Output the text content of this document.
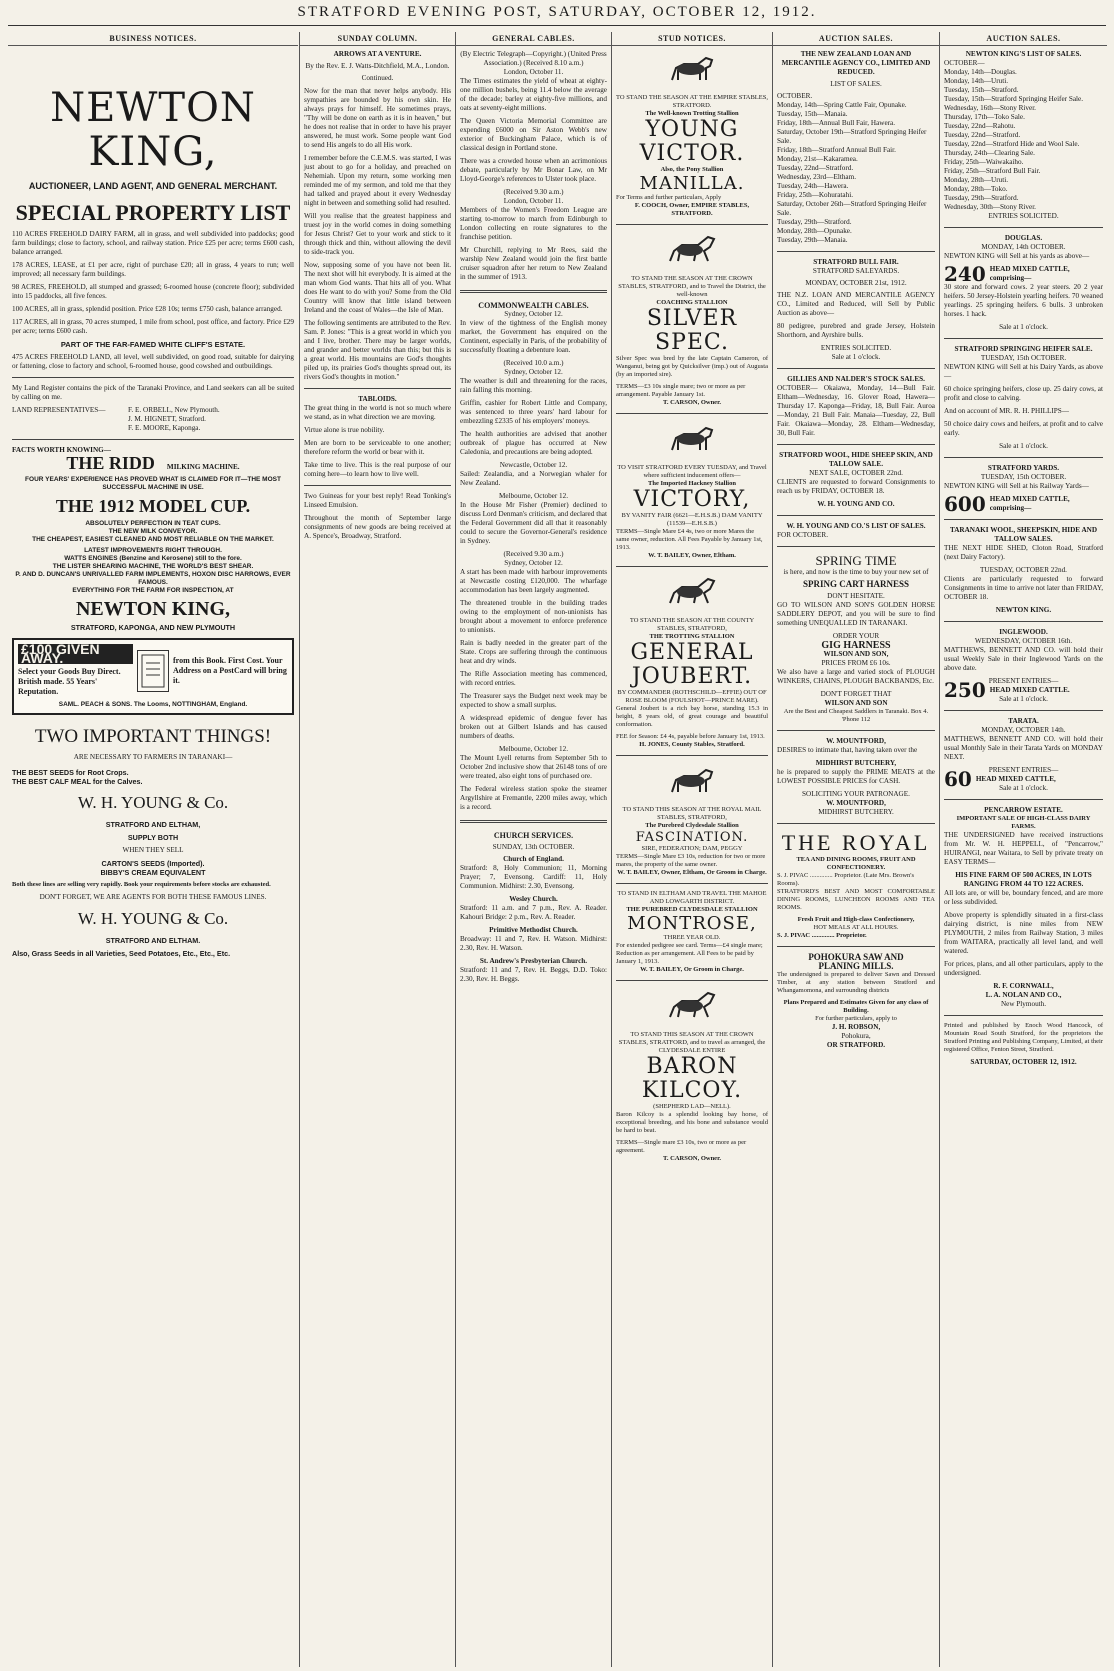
STRATFORD EVENING POST, SATURDAY, OCTOBER 12, 1912.
BUSINESS NOTICES.
NEWTON KING,
AUCTIONEER, LAND AGENT, AND GENERAL MERCHANT.
SPECIAL PROPERTY LIST

110 ACRES FREEHOLD DAIRY FARM, all in grass, and well subdivided into paddocks; good farm buildings; close to factory, school, and railway station. Price £25 per acre; terms £600 cash, balance arranged.

178 ACRES, LEASE, at £1 per acre, right of purchase £20; all in grass, 4 years to run; well improved; all necessary farm buildings.

98 ACRES, FREEHOLD, all stumped and grassed; 6-roomed house (concrete floor); subdivided into 15 paddocks, all five fences.

100 ACRES, all in grass, splendid position. Price £28 10s; terms £750 cash, balance arranged.

117 ACRES, all in grass, 70 acres stumped, 1 mile from school, post office, and factory. Price £29 per acre; terms £600 cash.

PART OF THE FAR-FAMED WHITE CLIFF'S ESTATE.

475 ACRES FREEHOLD LAND, all level, well subdivided, on good road, suitable for dairying or fattening, close to factory and school, 6-roomed house, good cowshed and outbuildings.

My Land Register contains the pick of the Taranaki Province, and Land seekers can all be suited by calling on me.

LAND REPRESENTATIVES—	F. E. ORBELL, New Plymouth.
J. M. HIGNETT, Stratford.
F. E. MOORE, Kaponga.
FACTS WORTH KNOWING—
THE RIDD MILKING MACHINE.
FOUR YEARS' EXPERIENCE HAS PROVED WHAT IS CLAIMED FOR IT—THE MOST SUCCESSFUL MACHINE IN USE.
THE 1912 MODEL CUP.
ABSOLUTELY PERFECTION IN TEAT CUPS.
THE NEW MILK CONVEYOR.
THE CHEAPEST, EASIEST CLEANED AND MOST RELIABLE ON THE MARKET.
LATEST IMPROVEMENTS RIGHT THROUGH.
WATTS ENGINES (Benzine and Kerosene) still to the fore.
THE LISTER SHEARING MACHINE, THE WORLD'S BEST SHEAR.
P. AND D. DUNCAN'S UNRIVALLED FARM IMPLEMENTS, HOXON DISC HARROWS, EVER FAMOUS.
EVERYTHING FOR THE FARM FOR INSPECTION, AT
NEWTON KING,
STRATFORD, KAPONGA, AND NEW PLYMOUTH
£100 GIVEN AWAY.
Select your Goods Buy Direct. British made. 55 Years' Reputation.
from this Book. First Cost. Your Address on a PostCard will bring it.
SAML. PEACH & SONS. The Looms, NOTTINGHAM, England.
TWO IMPORTANT THINGS!
ARE NECESSARY TO FARMERS IN TARANAKI—
THE BEST SEEDS for Root Crops.
THE BEST CALF MEAL for the Calves.
W. H. YOUNG & Co.
STRATFORD AND ELTHAM,
SUPPLY BOTH
WHEN THEY SELL
CARTON'S SEEDS (Imported).
BIBBY'S CREAM EQUIVALENT

Both these lines are selling very rapidly. Book your requirements before stocks are exhausted.

DON'T FORGET, WE ARE AGENTS FOR BOTH THESE FAMOUS LINES.
W. H. YOUNG & Co.
STRATFORD AND ELTHAM.
Also, Grass Seeds in all Varieties, Seed Potatoes, Etc., Etc., Etc.
SUNDAY COLUMN.
ARROWS AT A VENTURE.
By the Rev. E. J. Watts-Ditchfield, M.A., London.
Continued.

Now for the man that never helps anybody. His sympathies are bounded by his own skin. He always prays for himself. He sometimes prays, "Thy will be done on earth as it is in heaven," but he does not realise that in order to have his prayer answered, he must work. Some people want God to send His angels to do all His work.

I remember before the C.E.M.S. was started, I was just about to go for a holiday, and preached on Nehemiah. Upon my return, some working men reminded me of my sermon, and told me that they had talked and prayed about it every Wednesday night in between and something solid had resulted.

Will you realise that the greatest happiness and truest joy in the world comes in doing something for Jesus Christ? Get to your work and stick to it through thick and thin, without allowing the devil to side-track you.

Now, supposing some of you have not been lit. The next shot will hit everybody. It is aimed at the man whom God wants. That hits all of you. What does He want to do with you? Some from the Old Country will know that little island between Ireland and the coast of Wales—the Isle of Man.

The following sentiments are attributed to the Rev. Sam. P. Jones: "This is a great world in which you and I live, brother. There may be larger worlds, and grander and better worlds than this; but this is a great world. His mountains are God's thoughts piled up, its prairies God's thoughts spread out, its rivers God's thoughts in motion."

TABLOIDS.

The great thing in the world is not so much where we stand, as in what direction we are moving.

Virtue alone is true nobility.

Men are born to be serviceable to one another; therefore reform the world or bear with it.

Take time to live. This is the real purpose of our coming here—to learn how to live well.

Two Guineas for your best reply! Read Tonking's Linseed Emulsion.

Throughout the month of September large consignments of new goods are being received at A. Spence's, Broadway, Stratford.

GENERAL CABLES.
(By Electric Telegraph—Copyright.) (United Press Association.) (Received 8.10 a.m.)
London, October 11.

The Times estimates the yield of wheat at eighty-one million bushels, being 11.4 below the average of the decade; barley at eighty-five millions, and oats at seventy-eight millions.

The Queen Victoria Memorial Committee are expending £6000 on Sir Aston Webb's new exterior of Buckingham Palace, which is of classical design in Portland stone.

There was a crowded house when an acrimonious debate, particularly by Mr Bonar Law, on Mr Lloyd-George's references to Ulster took place.

(Received 9.30 a.m.)
London, October 11.

Members of the Women's Freedom League are starting to-morrow to march from Edinburgh to London collecting en route signatures to the franchise petition.

Mr Churchill, replying to Mr Rees, said the warship New Zealand would join the first battle cruiser squadron after her return to New Zealand in the summer of 1913.

COMMONWEALTH CABLES.
Sydney, October 12.

In view of the tightness of the English money market, the Government has enquired on the Continent, especially in Paris, of the probability of successfully floating a debenture loan.

(Received 10.0 a.m.)
Sydney, October 12.

The weather is dull and threatening for the races, rain falling this morning.

Griffin, cashier for Robert Little and Company, was sentenced to three years' hard labour for embezzling £2335 of his employers' moneys.

The health authorities are advised that another outbreak of plague has occurred at New Caledonia, and precautions are being adopted.

Newcastle, October 12.

Sailed: Zealandia, and a Norwegian whaler for New Zealand.

Melbourne, October 12.

In the House Mr Fisher (Premier) declined to discuss Lord Denman's criticism, and declared that the Federal Government did all that it reasonably could to secure the Governor-General's residence in Sydney.

(Received 9.30 a.m.)
Sydney, October 12.

A start has been made with harbour improvements at Newcastle costing £120,000. The wharfage accommodation has been largely augmented.

The threatened trouble in the building trades owing to the employment of non-unionists has brought about a movement to enforce preference to unionists.

Rain is badly needed in the greater part of the State. Crops are suffering through the continuous heat and dry winds.

The Rifle Association meeting has commenced, with record entries.

The Treasurer says the Budget next week may be expected to show a small surplus.

A widespread epidemic of dengue fever has broken out at Gilbert Islands and has caused numbers of deaths.

Melbourne, October 12.

The Mount Lyell returns from September 5th to October 2nd inclusive show that 26148 tons of ore were treated, also eight tons of purchased ore.

The Federal wireless station spoke the steamer Argyllshire at Fremantle, 2200 miles away, which is a record.

CHURCH SERVICES.
SUNDAY, 13th OCTOBER.
Church of England.

Stratford: 8, Holy Communion; 11, Morning Prayer; 7, Evensong. Cardiff: 11, Holy Communion. Midhirst: 2.30, Evensong.

Wesley Church.

Stratford: 11 a.m. and 7 p.m., Rev. A. Reader. Kahouri Bridge: 2 p.m., Rev. A. Reader.

Primitive Methodist Church.

Broadway: 11 and 7, Rev. H. Watson. Midhirst: 2.30, Rev. H. Watson.

St. Andrew's Presbyterian Church.

Stratford: 11 and 7, Rev. H. Beggs, D.D. Toko: 2.30, Rev. H. Beggs.

STUD NOTICES.
TO STAND THE SEASON AT THE EMPIRE STABLES, STRATFORD.
The Well-known Trotting Stallion
YOUNG
VICTOR.
Also, the Pony Stallion
MANILLA.
For Terms and further particulars, Apply
F. COOCH, Owner, EMPIRE STABLES, STRATFORD.
TO STAND THE SEASON AT THE CROWN STABLES, STRATFORD, and to Travel the District, the well-known
COACHING STALLION
SILVER
SPEC.

Silver Spec was bred by the late Captain Cameron, of Wanganui, being got by Quicksilver (imp.) out of Augusta (by an imported sire).

TERMS—£3 10s single mare; two or more as per arrangement. Payable January 1st.
T. CARSON, Owner.
TO VISIT STRATFORD EVERY TUESDAY, and Travel where sufficient inducement offers—
The Imported Hackney Stallion
VICTORY,
BY VANITY FAIR (6621—E.H.S.B.) DAM VANITY (11539—E.H.S.B.)
TERMS—Single Mare £4 4s, two or more Mares the same owner, reduction. All Fees Payable by January 1st, 1913.
W. T. BAILEY, Owner, Eltham.
TO STAND THE SEASON AT THE COUNTY STABLES, STRATFORD,
THE TROTTING STALLION
GENERAL
JOUBERT.
BY COMMANDER (ROTHSCHILD—EFFIE) OUT OF ROSE BLOOM (FOULSHOT—PRINCE MARE).

General Joubert is a rich bay horse, standing 15.3 in height, 8 years old, of great courage and beautiful conformation.

FEE for Season: £4 4s, payable before January 1st, 1913.
H. JONES, County Stables, Stratford.
TO STAND THIS SEASON AT THE ROYAL MAIL STABLES, STRATFORD,
The Purebred Clydesdale Stallion
FASCINATION.
SIRE, FEDERATION; DAM, PEGGY
TERMS—Single Mare £3 10s, reduction for two or more mares, the property of the same owner.
W. T. BAILEY, Owner, Eltham, Or Groom in Charge.
TO STAND IN ELTHAM AND TRAVEL THE MAHOE AND LOWGARTH DISTRICT.
THE PUREBRED CLYDESDALE STALLION
MONTROSE,
THREE YEAR OLD.
For extended pedigree see card. Terms—£4 single mare; Reduction as per arrangement. All Fees to be paid by January 1, 1913.
W. T. BAILEY, Or Groom in Charge.
TO STAND THIS SEASON AT THE CROWN STABLES, STRATFORD, and to travel as arranged, the CLYDESDALE ENTIRE
BARON
KILCOY.
(SHEPHERD LAD—NELL).

Baron Kilcoy is a splendid looking bay horse, of exceptional breeding, and his bone and substance would be hard to beat.

TERMS—Single mare £3 10s, two or more as per agreement.
T. CARSON, Owner.
AUCTION SALES.
THE NEW ZEALAND LOAN AND MERCANTILE AGENCY CO., LIMITED AND REDUCED.
LIST OF SALES.
OCTOBER.
Monday, 14th—Spring Cattle Fair, Opunake.
Tuesday, 15th—Manaia.
Friday, 18th—Annual Bull Fair, Hawera.
Saturday, October 19th—Stratford Springing Heifer Sale.
Friday, 18th—Stratford Annual Bull Fair.
Monday, 21st—Kakaramea.
Tuesday, 22nd—Stratford.
Wednesday, 23rd—Eltham.
Tuesday, 24th—Hawera.
Friday, 25th—Kohuratahi.
Saturday, October 26th—Stratford Springing Heifer Sale.
Tuesday, 29th—Stratford.
Monday, 28th—Opunake.
Tuesday, 29th—Manaia.
STRATFORD BULL FAIR.
STRATFORD SALEYARDS.
MONDAY, OCTOBER 21st, 1912.

THE N.Z. LOAN AND MERCANTILE AGENCY CO., Limited and Reduced, will Sell by Public Auction as above—

80 pedigree, purebred and grade Jersey, Holstein Shorthorn, and Ayrshire bulls.

ENTRIES SOLICITED.
Sale at 1 o'clock.
GILLIES AND NALDER'S STOCK SALES.

OCTOBER— Okaiawa, Monday, 14—Bull Fair. Eltham—Wednesday, 16. Glover Road, Hawera—Thursday 17. Kaponga—Friday, 18, Bull Fair. Auroa—Monday, 21 Bull Fair. Manaia—Tuesday, 22, Bull Fair. Okaiawa—Monday, 28. Eltham—Wednesday, 30, Bull Fair.

STRATFORD WOOL, HIDE SHEEP SKIN, AND TALLOW SALE.
NEXT SALE, OCTOBER 22nd.

CLIENTS are requested to forward Consignments to reach us by FRIDAY, OCTOBER 18.

W. H. YOUNG AND CO.
W. H. YOUNG AND CO.'S LIST OF SALES.
FOR OCTOBER.
SPRING TIME
is here, and now is the time to buy your new set of
SPRING CART HARNESS
DON'T HESITATE.

GO TO WILSON AND SON'S GOLDEN HORSE SADDLERY DEPOT, and you will be sure to find something UNEQUALLED IN TARANAKI.

ORDER YOUR
GIG HARNESS
WILSON AND SON,
PRICES FROM £6 10s.

We also have a large and varied stock of PLOUGH WINKERS, CHAINS, PLOUGH BACKBANDS, Etc.

DON'T FORGET THAT
WILSON AND SON
Are the Best and Cheapest Saddlers in Taranaki. Box 4. 'Phone 112
W. MOUNTFORD,

DESIRES to intimate that, having taken over the

MIDHIRST BUTCHERY,

he is prepared to supply the PRIME MEATS at the LOWEST POSSIBLE PRICES for CASH.

SOLICITING YOUR PATRONAGE.
W. MOUNTFORD,
MIDHIRST BUTCHERY.
THE ROYAL
TEA AND DINING ROOMS, FRUIT AND CONFECTIONERY.
S. J. PIVAC .............. Proprietor. (Late Mrs. Brown's Rooms).

STRATFORD'S BEST AND MOST COMFORTABLE DINING ROOMS, LUNCHEON ROOMS AND TEA ROOMS.

Fresh Fruit and High-class Confectionery,
HOT MEALS AT ALL HOURS.
S. J. PIVAC .............. Proprietor.
POHOKURA SAW AND
PLANING MILLS.

The undersigned is prepared to deliver Sawn and Dressed Timber, at any station between Stratford and Whangamomona, and surrounding districts

Plans Prepared and Estimates Given for any class of Building.
For further particulars, apply to
J. H. ROBSON,
Pohokura,
OR STRATFORD.
AUCTION SALES.
NEWTON KING'S LIST OF SALES.
OCTOBER—
Monday, 14th—Douglas.
Monday, 14th—Uruti.
Tuesday, 15th—Stratford.
Tuesday, 15th—Stratford Springing Heifer Sale.
Wednesday, 16th—Stony River.
Thursday, 17th—Toko Sale.
Tuesday, 22nd—Rahotu.
Tuesday, 22nd—Stratford.
Tuesday, 22nd—Stratford Hide and Wool Sale.
Thursday, 24th—Clearing Sale.
Friday, 25th—Waiwakaiho.
Friday, 25th—Stratford Bull Fair.
Monday, 28th—Uruti.
Monday, 28th—Toko.
Tuesday, 29th—Stratford.
Wednesday, 30th—Stony River.
ENTRIES SOLICITED.
DOUGLAS.
MONDAY, 14th OCTOBER.

NEWTON KING will Sell at his yards as above—

240 HEAD MIXED CATTLE, comprising—

30 store and forward cows. 2 year steers. 20 2 year heifers. 50 Jersey-Holstein yearling heifers. 70 weaned yearlings. 25 springing heifers. 6 bulls. 3 unbroken horses. 1 hack.

Sale at 1 o'clock.
STRATFORD SPRINGING HEIFER SALE.
TUESDAY, 15th OCTOBER.

NEWTON KING will Sell at his Dairy Yards, as above—

60 choice springing heifers, close up. 25 dairy cows, at profit and close to calving.

And on account of MR. R. H. PHILLIPS—

50 choice dairy cows and heifers, at profit and to calve early.

Sale at 1 o'clock.
STRATFORD YARDS.
TUESDAY, 15th OCTOBER.

NEWTON KING will Sell at his Railway Yards—

600 HEAD MIXED CATTLE, comprising—
TARANAKI WOOL, SHEEPSKIN, HIDE AND TALLOW SALES.

THE NEXT HIDE SHED, Cloton Road, Stratford (next Dairy Factory).

TUESDAY, OCTOBER 22nd.

Clients are particularly requested to forward Consignments in time to arrive not later than FRIDAY, OCTOBER 18.

NEWTON KING.
INGLEWOOD.
WEDNESDAY, OCTOBER 16th.

MATTHEWS, BENNETT AND CO. will hold their usual Weekly Sale in their Inglewood Yards on the above date.

PRESENT ENTRIES—
250 HEAD MIXED CATTLE.
Sale at 1 o'clock.
TARATA.
MONDAY, OCTOBER 14th.

MATTHEWS, BENNETT AND CO. will hold their usual Monthly Sale in their Tarata Yards on MONDAY NEXT.

PRESENT ENTRIES—
60 HEAD MIXED CATTLE,
Sale at 1 o'clock.
PENCARROW ESTATE.
IMPORTANT SALE OF HIGH-CLASS DAIRY FARMS.

THE UNDERSIGNED have received instructions from Mr. W. H. HEPPELL, of "Pencarrow," HUIRANGI, near Waitara, to Sell by private treaty on EASY TERMS—

HIS FINE FARM OF 500 ACRES, IN LOTS RANGING FROM 44 TO 122 ACRES.

All lots are, or will be, boundary fenced, and are more or less subdivided.

Above property is splendidly situated in a first-class dairying district, is nine miles from NEW PLYMOUTH, 2 miles from Railway Station, 3 miles from WAITARA, practically all level land, and well watered.

For prices, plans, and all other particulars, apply to the undersigned.

R. F. CORNWALL,
L. A. NOLAN AND CO.,
New Plymouth.

Printed and published by Enoch Wood Hancock, of Mountain Road South Stratford, for the proprietors the Stratford Printing and Publishing Company, Limited, at their registered Office, Fenton Street, Stratford.

SATURDAY, OCTOBER 12, 1912.
